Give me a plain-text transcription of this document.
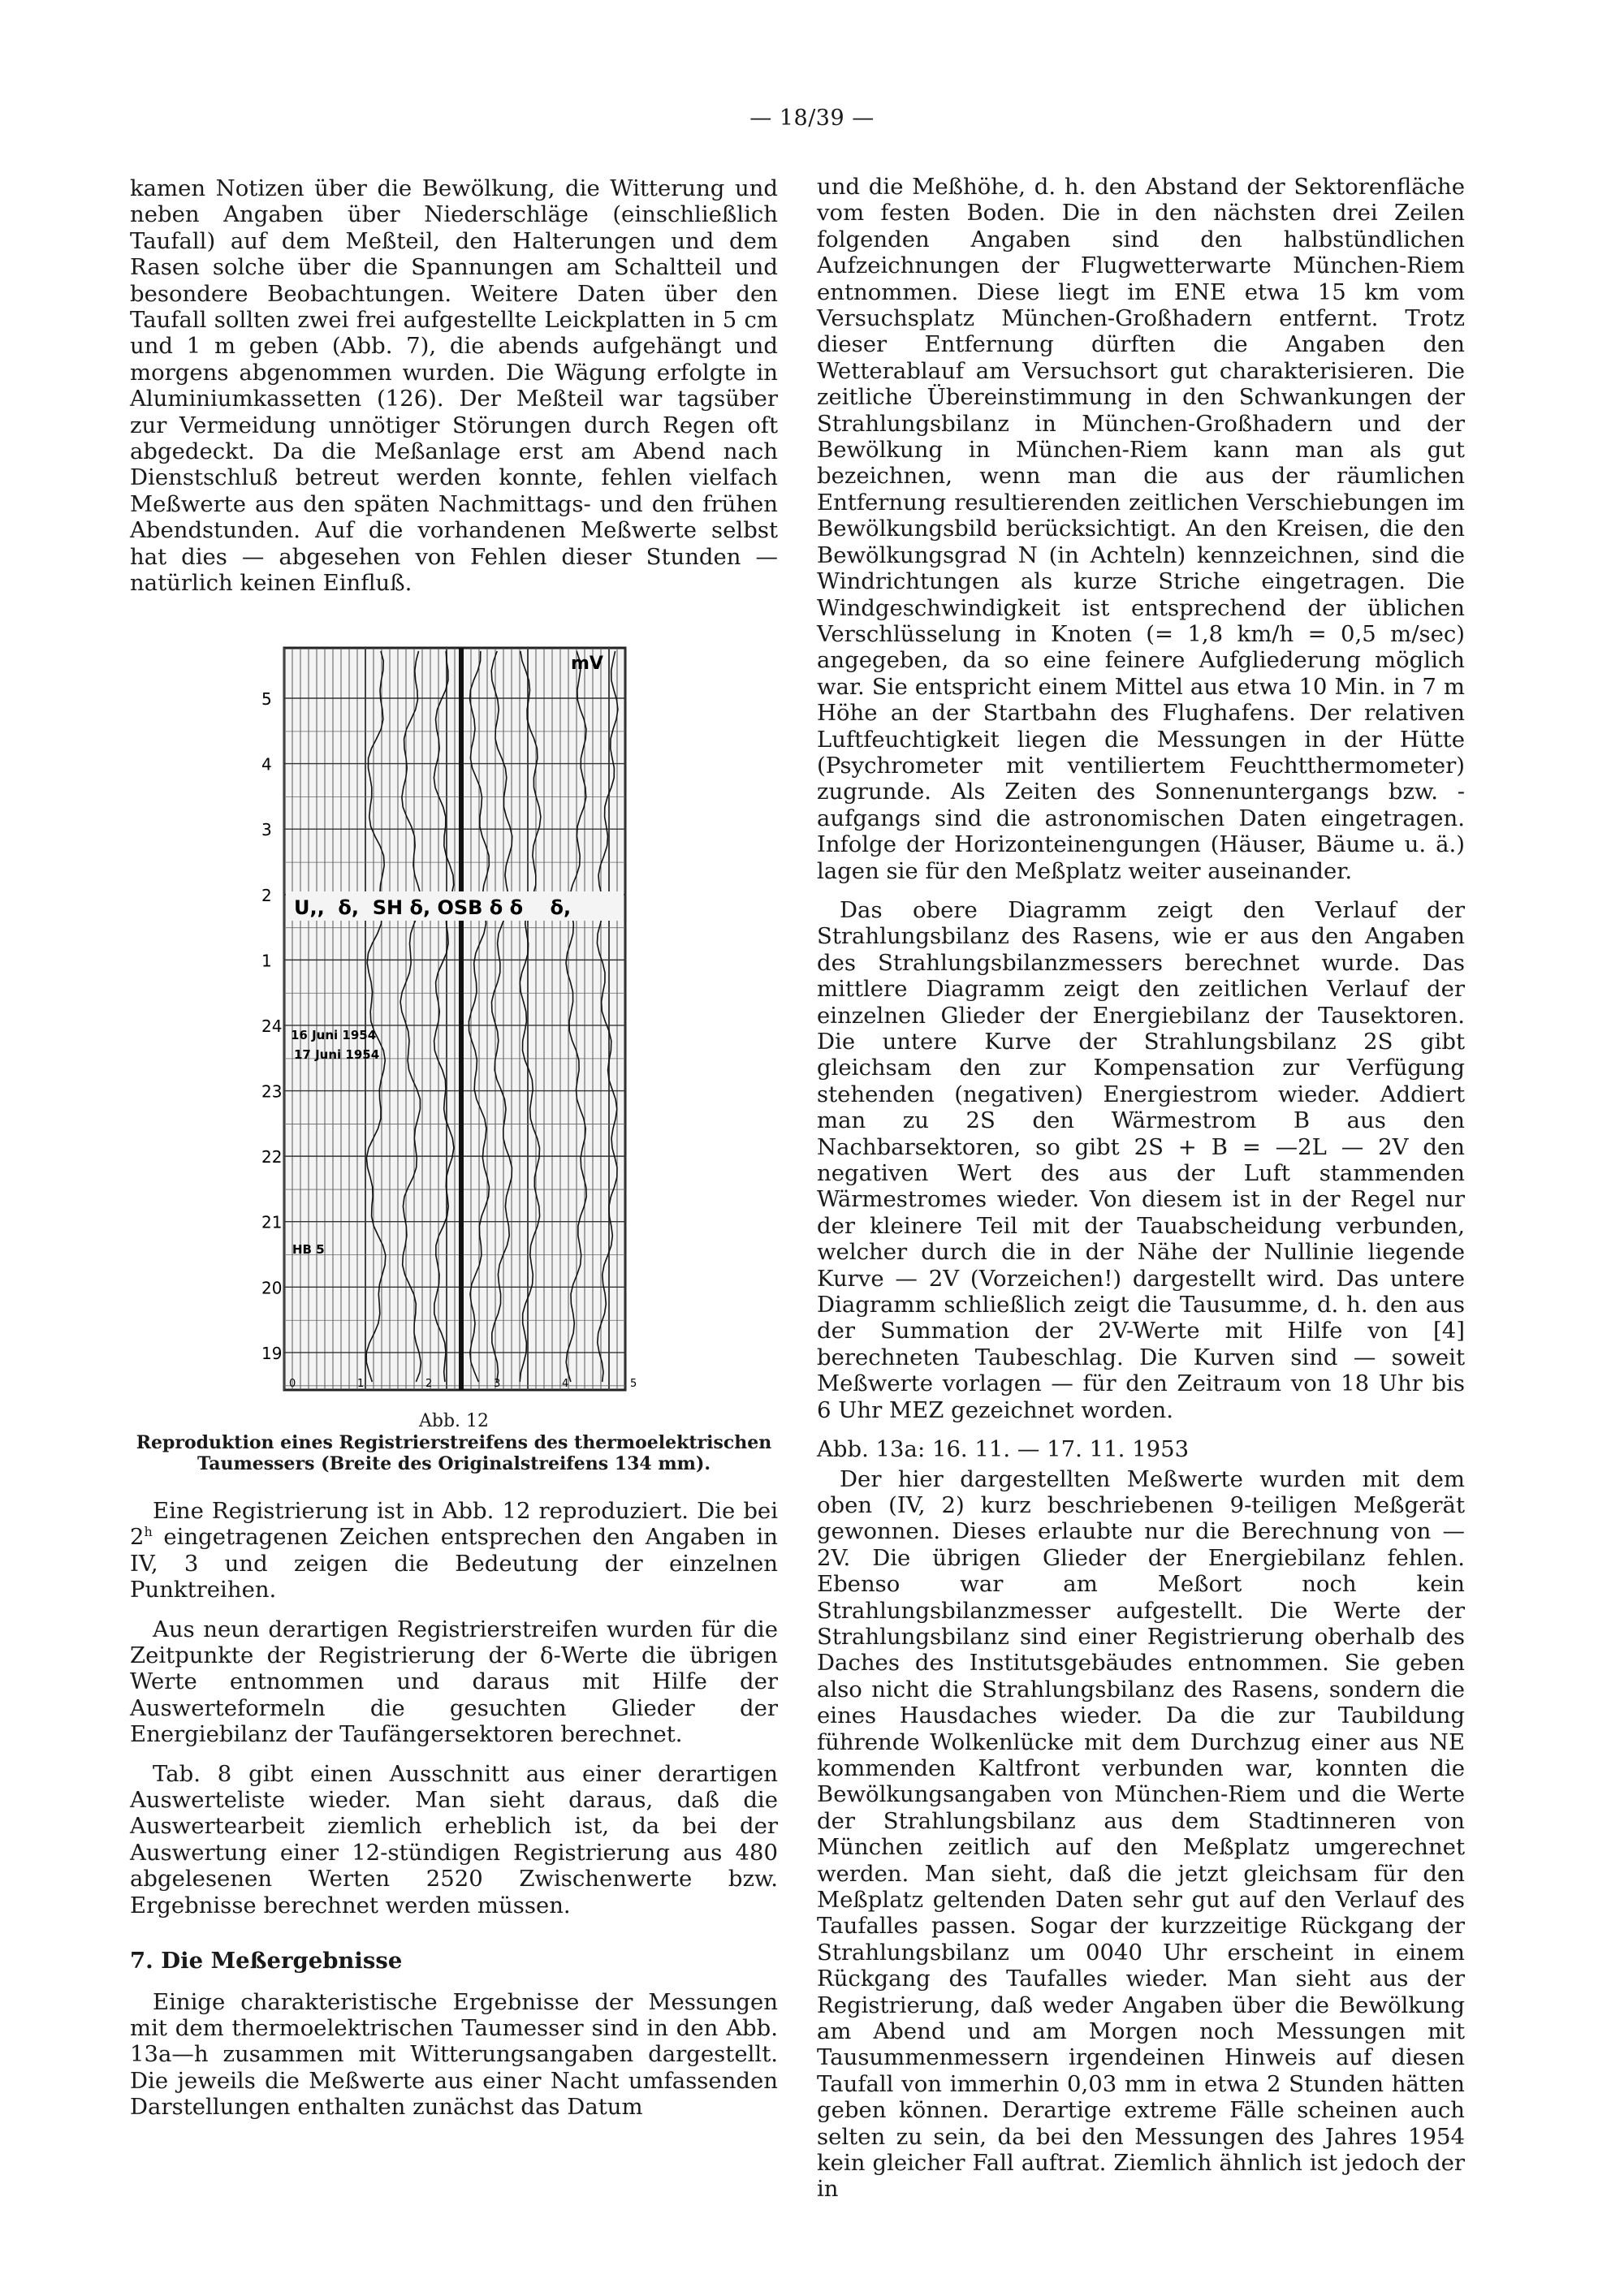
— 18/39 —

kamen Notizen über die Bewölkung, die Witterung und neben Angaben über Niederschläge (einschließlich Taufall) auf dem Meßteil, den Halterungen und dem Rasen solche über die Spannungen am Schaltteil und besondere Beobachtungen. Weitere Daten über den Taufall sollten zwei frei aufgestellte Leickplatten in 5 cm und 1 m geben (Abb. 7), die abends aufgehängt und morgens abgenommen wurden. Die Wägung erfolgte in Aluminiumkassetten (126). Der Meßteil war tagsüber zur Vermeidung unnötiger Störungen durch Regen oft abgedeckt. Da die Meßanlage erst am Abend nach Dienstschluß betreut werden konnte, fehlen vielfach Meßwerte aus den späten Nachmittags- und den frühen Abendstunden. Auf die vorhandenen Meßwerte selbst hat dies — abgesehen von Fehlen dieser Stunden — natürlich keinen Einfluß.

mV
5
4
3
2
1
24
23
22
21
20
19
0	1	2	3	4	5
U,,  δ,  SH δ, OSB δ δ    δ,
16 Juni 1954
17 Juni 1954
HB 5
Abb. 12
Reproduktion eines Registrierstreifens des thermoelektrischen Taumessers (Breite des Originalstreifens 134 mm).

Eine Registrierung ist in Abb. 12 reproduziert. Die bei 2$^h$ eingetragenen Zeichen entsprechen den Angaben in IV, 3 und zeigen die Bedeutung der einzelnen Punktreihen.

Aus neun derartigen Registrierstreifen wurden für die Zeitpunkte der Registrierung der δ-Werte die übrigen Werte entnommen und daraus mit Hilfe der Auswerteformeln die gesuchten Glieder der Energiebilanz der Taufängersektoren berechnet.

Tab. 8 gibt einen Ausschnitt aus einer derartigen Auswerteliste wieder. Man sieht daraus, daß die Auswertearbeit ziemlich erheblich ist, da bei der Auswertung einer 12-stündigen Registrierung aus 480 abgelesenen Werten 2520 Zwischenwerte bzw. Ergebnisse berechnet werden müssen.

7. Die Meßergebnisse

Einige charakteristische Ergebnisse der Messungen mit dem thermoelektrischen Taumesser sind in den Abb. 13a—h zusammen mit Witterungsangaben dargestellt. Die jeweils die Meßwerte aus einer Nacht umfassenden Darstellungen enthalten zunächst das Datum

und die Meßhöhe, d. h. den Abstand der Sektorenfläche vom festen Boden. Die in den nächsten drei Zeilen folgenden Angaben sind den halbstündlichen Aufzeichnungen der Flugwetterwarte München-Riem entnommen. Diese liegt im ENE etwa 15 km vom Versuchsplatz München-Großhadern entfernt. Trotz dieser Entfernung dürften die Angaben den Wetterablauf am Versuchsort gut charakterisieren. Die zeitliche Übereinstimmung in den Schwankungen der Strahlungsbilanz in München-Großhadern und der Bewölkung in München-Riem kann man als gut bezeichnen, wenn man die aus der räumlichen Entfernung resultierenden zeitlichen Verschiebungen im Bewölkungsbild berücksichtigt. An den Kreisen, die den Bewölkungsgrad N (in Achteln) kennzeichnen, sind die Windrichtungen als kurze Striche eingetragen. Die Windgeschwindigkeit ist entsprechend der üblichen Verschlüsselung in Knoten (= 1,8 km/h = 0,5 m/sec) angegeben, da so eine feinere Aufgliederung möglich war. Sie entspricht einem Mittel aus etwa 10 Min. in 7 m Höhe an der Startbahn des Flughafens. Der relativen Luftfeuchtigkeit liegen die Messungen in der Hütte (Psychrometer mit ventiliertem Feuchtthermometer) zugrunde. Als Zeiten des Sonnenuntergangs bzw. -aufgangs sind die astronomischen Daten eingetragen. Infolge der Horizonteinengungen (Häuser, Bäume u. ä.) lagen sie für den Meßplatz weiter auseinander.

Das obere Diagramm zeigt den Verlauf der Strahlungsbilanz des Rasens, wie er aus den Angaben des Strahlungsbilanzmessers berechnet wurde. Das mittlere Diagramm zeigt den zeitlichen Verlauf der einzelnen Glieder der Energiebilanz der Tausektoren. Die untere Kurve der Strahlungsbilanz 2S gibt gleichsam den zur Kompensation zur Verfügung stehenden (negativen) Energiestrom wieder. Addiert man zu 2S den Wärmestrom B aus den Nachbarsektoren, so gibt 2S + B = —2L — 2V den negativen Wert des aus der Luft stammenden Wärmestromes wieder. Von diesem ist in der Regel nur der kleinere Teil mit der Tauabscheidung verbunden, welcher durch die in der Nähe der Nullinie liegende Kurve — 2V (Vorzeichen!) dargestellt wird. Das untere Diagramm schließlich zeigt die Tausumme, d. h. den aus der Summation der 2V-Werte mit Hilfe von [4] berechneten Taubeschlag. Die Kurven sind — soweit Meßwerte vorlagen — für den Zeitraum von 18 Uhr bis 6 Uhr MEZ gezeichnet worden.

Abb. 13a: 16. 11. — 17. 11. 1953

Der hier dargestellten Meßwerte wurden mit dem oben (IV, 2) kurz beschriebenen 9-teiligen Meßgerät gewonnen. Dieses erlaubte nur die Berechnung von —2V. Die übrigen Glieder der Energiebilanz fehlen. Ebenso war am Meßort noch kein Strahlungsbilanzmesser aufgestellt. Die Werte der Strahlungsbilanz sind einer Registrierung oberhalb des Daches des Institutsgebäudes entnommen. Sie geben also nicht die Strahlungsbilanz des Rasens, sondern die eines Hausdaches wieder. Da die zur Taubildung führende Wolkenlücke mit dem Durchzug einer aus NE kommenden Kaltfront verbunden war, konnten die Bewölkungsangaben von München-Riem und die Werte der Strahlungsbilanz aus dem Stadtinneren von München zeitlich auf den Meßplatz umgerechnet werden. Man sieht, daß die jetzt gleichsam für den Meßplatz geltenden Daten sehr gut auf den Verlauf des Taufalles passen. Sogar der kurzzeitige Rückgang der Strahlungsbilanz um 0040 Uhr erscheint in einem Rückgang des Taufalles wieder. Man sieht aus der Registrierung, daß weder Angaben über die Bewölkung am Abend und am Morgen noch Messungen mit Tausummenmessern irgendeinen Hinweis auf diesen Taufall von immerhin 0,03 mm in etwa 2 Stunden hätten geben können. Derartige extreme Fälle scheinen auch selten zu sein, da bei den Messungen des Jahres 1954 kein gleicher Fall auftrat. Ziemlich ähnlich ist jedoch der in
